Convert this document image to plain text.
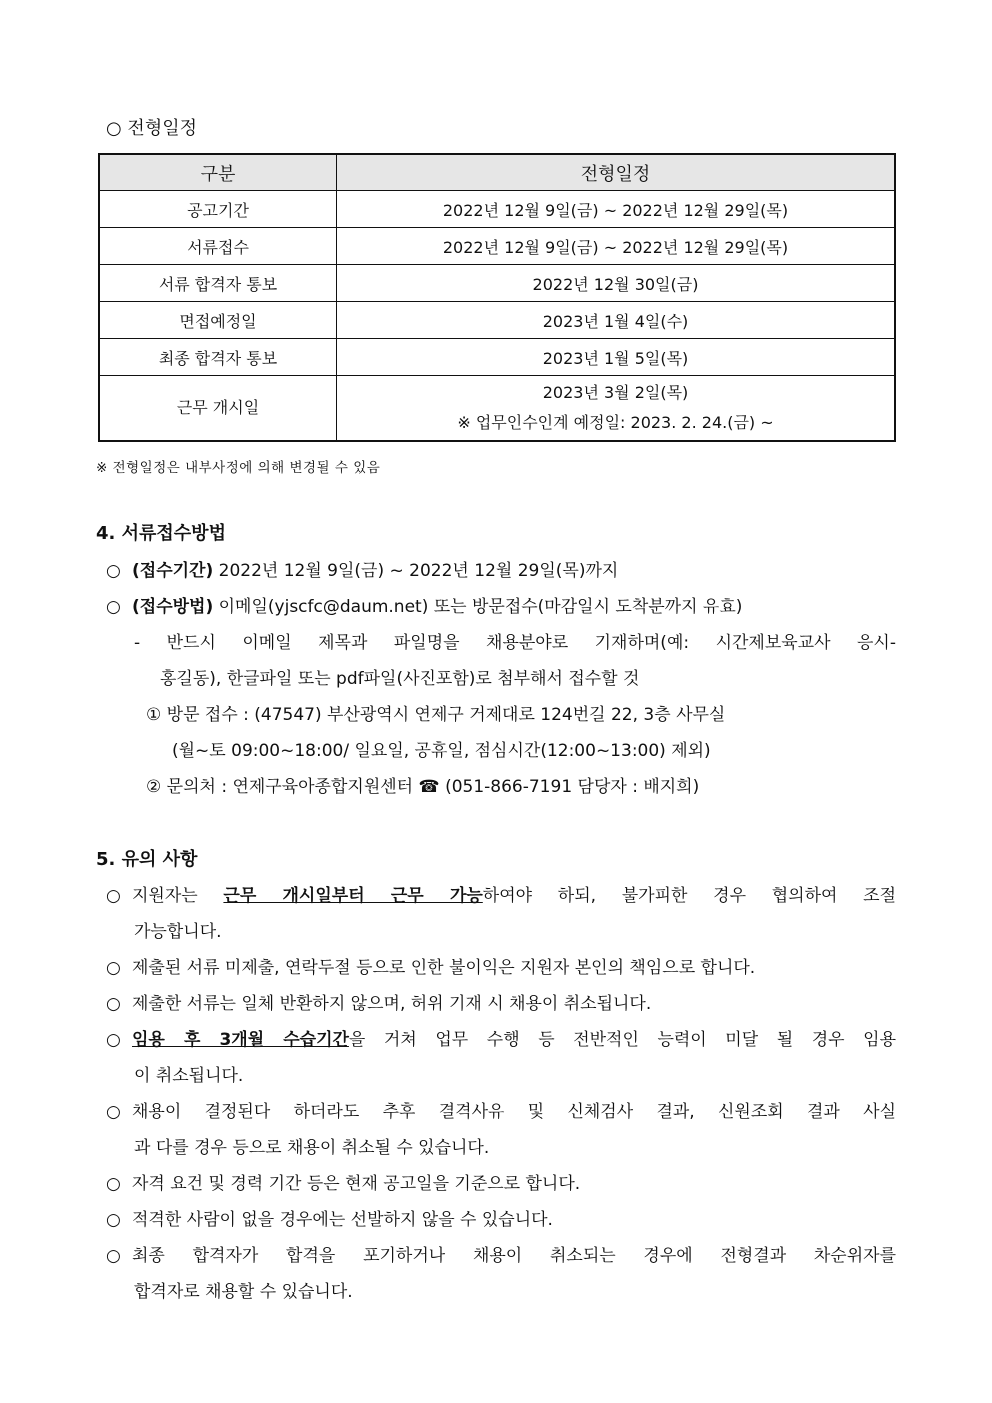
○ 전형일정
구분	전형일정
공고기간	2022년 12월 9일(금) ~ 2022년 12월 29일(목)
서류접수	2022년 12월 9일(금) ~ 2022년 12월 29일(목)
서류 합격자 통보	2022년 12월 30일(금)
면접예정일	2023년 1월 4일(수)
최종 합격자 통보	2023년 1월 5일(목)
근무 개시일	2023년 3월 2일(목)
※ 업무인수인계 예정일: 2023. 2. 24.(금) ~
※ 전형일정은 내부사정에 의해 변경될 수 있음
4. 서류접수방법
○ (접수기간) 2022년 12월 9일(금) ~ 2022년 12월 29일(목)까지
○ (접수방법) 이메일(yjscfc@daum.net) 또는 방문접수(마감일시 도착분까지 유효)
- 반드시 이메일 제목과 파일명을 채용분야로 기재하며(예: 시간제보육교사 응시-
홍길동), 한글파일 또는 pdf파일(사진포함)로 첨부해서 접수할 것
① 방문 접수 : (47547) 부산광역시 연제구 거제대로 124번길 22, 3층 사무실
(월~토 09:00~18:00/ 일요일, 공휴일, 점심시간(12:00~13:00) 제외)
② 문의처 : 연제구육아종합지원센터 ☎ (051-866-7191 담당자 : 배지희)
5. 유의 사항
○ 지원자는 근무 개시일부터 근무 가능하여야 하되, 불가피한 경우 협의하여 조절
가능합니다.
○ 제출된 서류 미제출, 연락두절 등으로 인한 불이익은 지원자 본인의 책임으로 합니다.
○ 제출한 서류는 일체 반환하지 않으며, 허위 기재 시 채용이 취소됩니다.
○ 임용 후 3개월 수습기간을 거쳐 업무 수행 등 전반적인 능력이 미달 될 경우 임용
이 취소됩니다.
○ 채용이 결정된다 하더라도 추후 결격사유 및 신체검사 결과, 신원조회 결과 사실
과 다를 경우 등으로 채용이 취소될 수 있습니다.
○ 자격 요건 및 경력 기간 등은 현재 공고일을 기준으로 합니다.
○ 적격한 사람이 없을 경우에는 선발하지 않을 수 있습니다.
○ 최종 합격자가 합격을 포기하거나 채용이 취소되는 경우에 전형결과 차순위자를
합격자로 채용할 수 있습니다.
